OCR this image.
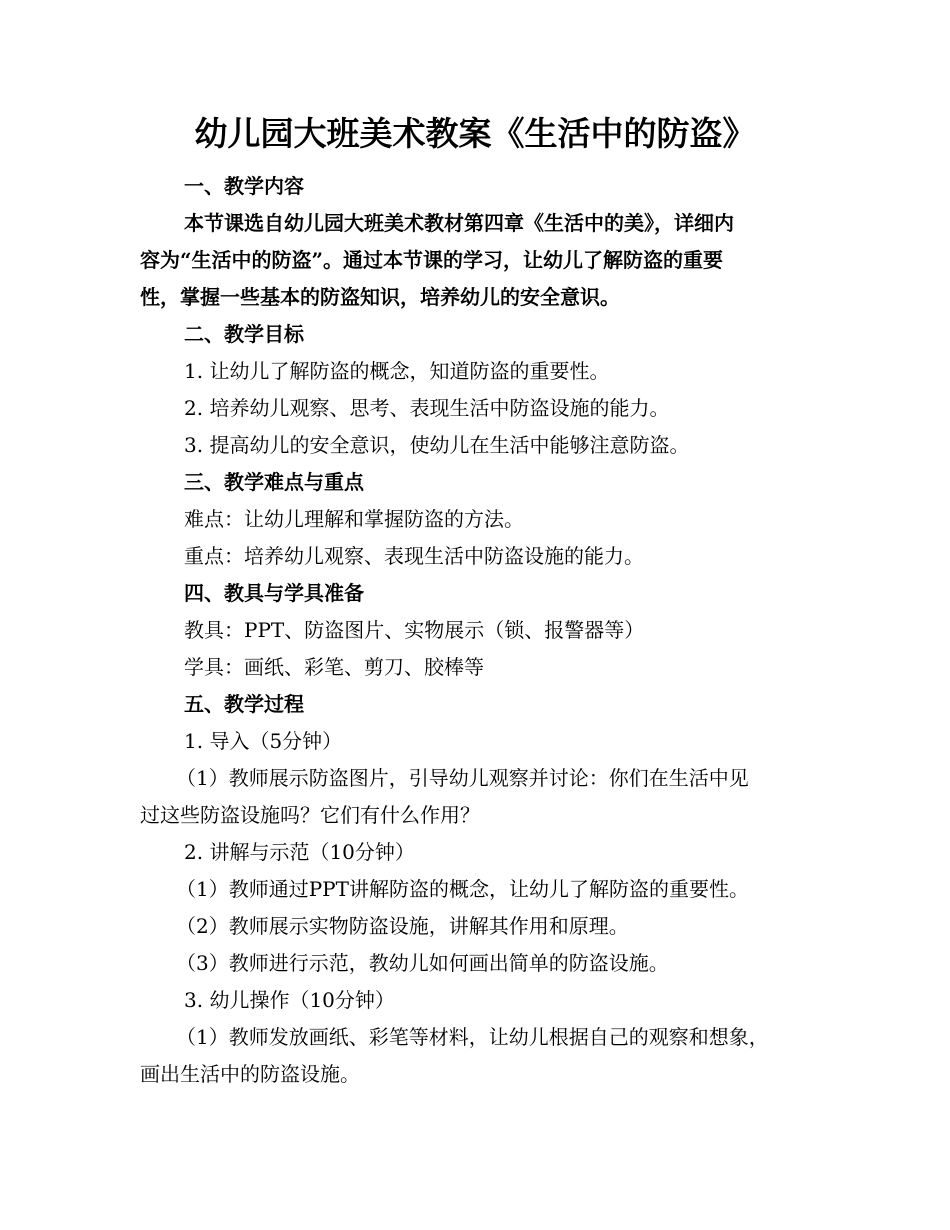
幼儿园大班美术教案《生活中的防盗》
一、教学内容
本节课选自幼儿园大班美术教材第四章《生活中的美》，详细内
容为“生活中的防盗”。通过本节课的学习，让幼儿了解防盗的重要
性，掌握一些基本的防盗知识，培养幼儿的安全意识。
二、教学目标
1. 让幼儿了解防盗的概念，知道防盗的重要性。
2. 培养幼儿观察、思考、表现生活中防盗设施的能力。
3. 提高幼儿的安全意识，使幼儿在生活中能够注意防盗。
三、教学难点与重点
难点：让幼儿理解和掌握防盗的方法。
重点：培养幼儿观察、表现生活中防盗设施的能力。
四、教具与学具准备
教具：PPT、防盗图片、实物展示（锁、报警器等）
学具：画纸、彩笔、剪刀、胶棒等
五、教学过程
1. 导入（5分钟）
（1）教师展示防盗图片，引导幼儿观察并讨论：你们在生活中见
过这些防盗设施吗？它们有什么作用？
2. 讲解与示范（10分钟）
（1）教师通过PPT讲解防盗的概念，让幼儿了解防盗的重要性。
（2）教师展示实物防盗设施，讲解其作用和原理。
（3）教师进行示范，教幼儿如何画出简单的防盗设施。
3. 幼儿操作（10分钟）
（1）教师发放画纸、彩笔等材料，让幼儿根据自己的观察和想象，
画出生活中的防盗设施。
